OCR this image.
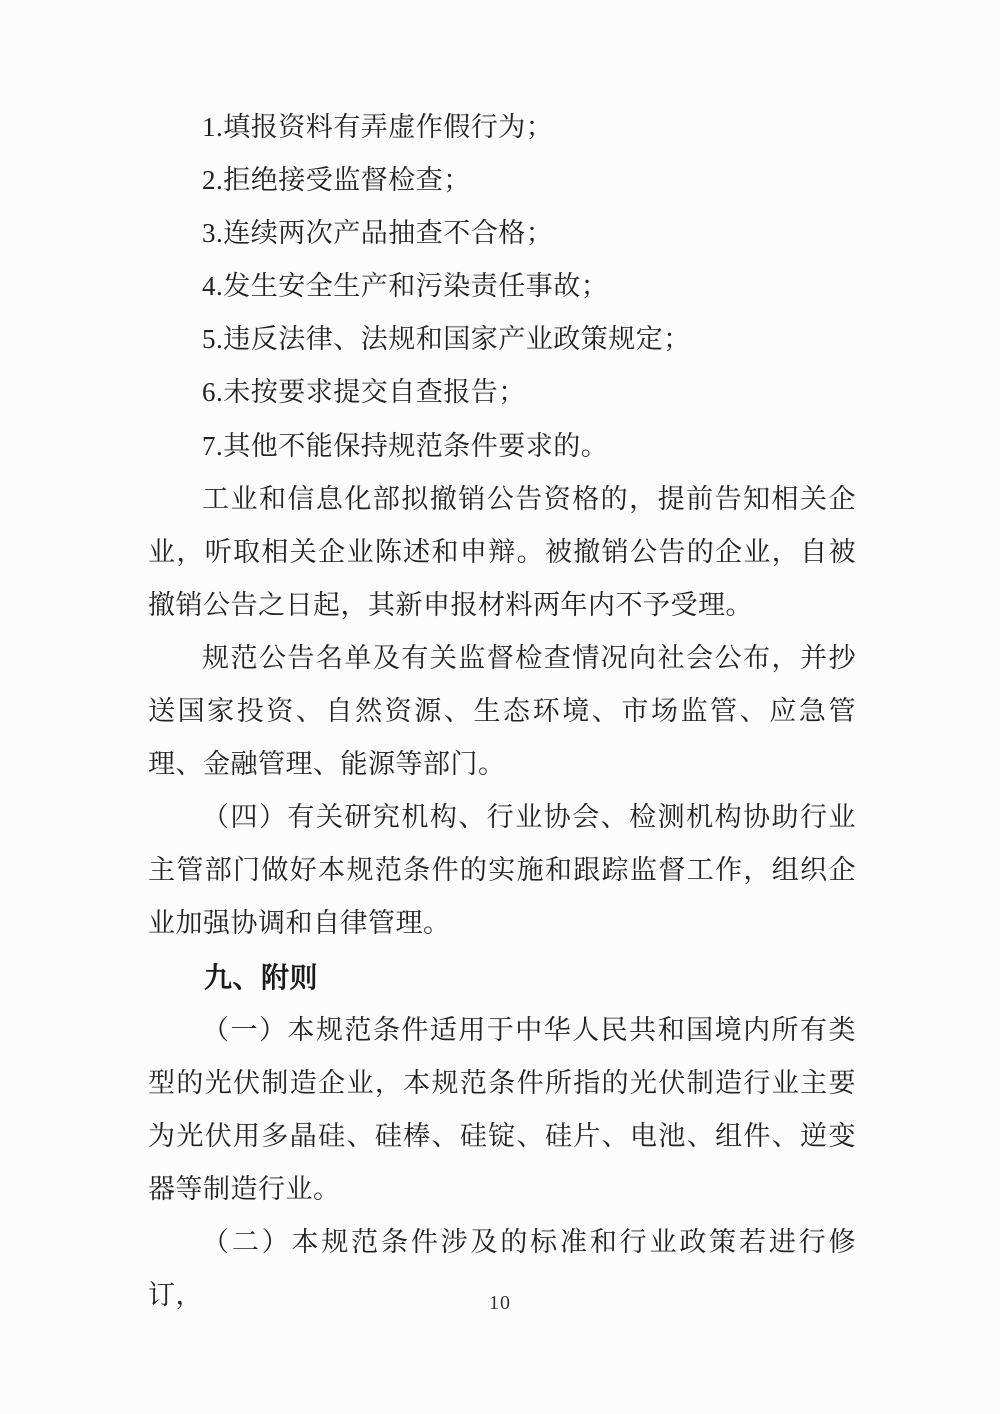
1.填报资料有弄虚作假行为；

2.拒绝接受监督检查；

3.连续两次产品抽查不合格；

4.发生安全生产和污染责任事故；

5.违反法律、法规和国家产业政策规定；

6.未按要求提交自查报告；

7.其他不能保持规范条件要求的。

工业和信息化部拟撤销公告资格的，提前告知相关企业，听取相关企业陈述和申辩。被撤销公告的企业，自被撤销公告之日起，其新申报材料两年内不予受理。

规范公告名单及有关监督检查情况向社会公布，并抄送国家投资、自然资源、生态环境、市场监管、应急管理、金融管理、能源等部门。

（四）有关研究机构、行业协会、检测机构协助行业主管部门做好本规范条件的实施和跟踪监督工作，组织企业加强协调和自律管理。

九、附则

（一）本规范条件适用于中华人民共和国境内所有类型的光伏制造企业，本规范条件所指的光伏制造行业主要为光伏用多晶硅、硅棒、硅锭、硅片、电池、组件、逆变器等制造行业。

（二）本规范条件涉及的标准和行业政策若进行修订，	10
